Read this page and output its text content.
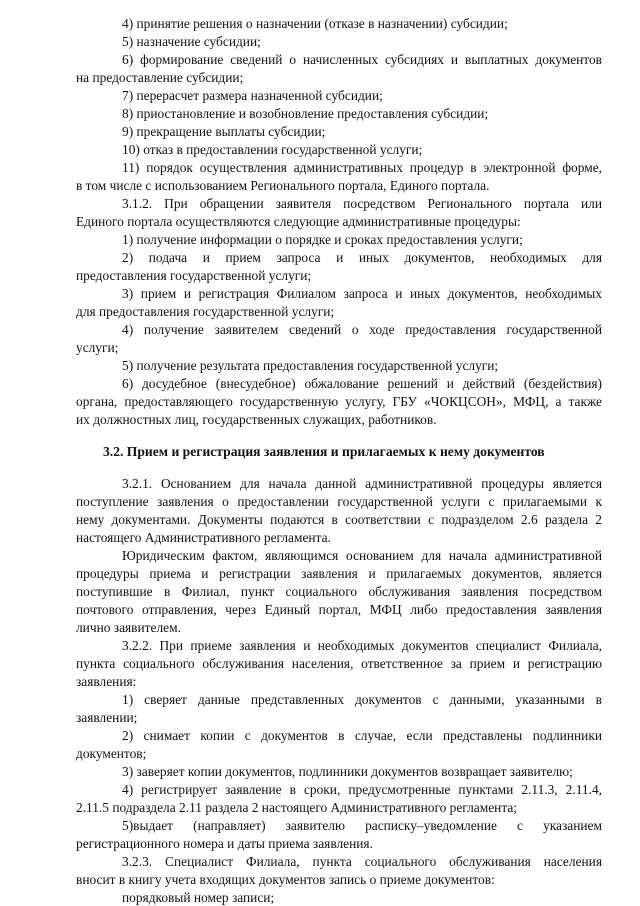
4) принятие решения о назначении (отказе в назначении) субсидии;
5) назначение субсидии;
6) формирование сведений о начисленных субсидиях и выплатных документов
на предоставление субсидии;
7) перерасчет размера назначенной субсидии;
8) приостановление и возобновление предоставления субсидии;
9) прекращение выплаты субсидии;
10) отказ в предоставлении государственной услуги;
11) порядок осуществления административных процедур в электронной форме,
в том числе с использованием Регионального портала, Единого портала.
3.1.2. При обращении заявителя посредством Регионального портала или
Единого портала осуществляются следующие административные процедуры:
1) получение информации о порядке и сроках предоставления услуги;
2) подача и прием запроса и иных документов, необходимых для
предоставления государственной услуги;
3) прием и регистрация Филиалом запроса и иных документов, необходимых
для предоставления государственной услуги;
4) получение заявителем сведений о ходе предоставления государственной
услуги;
5) получение результата предоставления государственной услуги;
6) досудебное (внесудебное) обжалование решений и действий (бездействия)
органа, предоставляющего государственную услугу, ГБУ «ЧОКЦСОН», МФЦ, а также
их должностных лиц, государственных служащих, работников.
3.2. Прием и регистрация заявления и прилагаемых к нему документов
3.2.1. Основанием для начала данной административной процедуры является
поступление заявления о предоставлении государственной услуги с прилагаемыми к
нему документами. Документы подаются в соответствии с подразделом 2.6 раздела 2
настоящего Административного регламента.
Юридическим фактом, являющимся основанием для начала административной
процедуры приема и регистрации заявления и прилагаемых документов, является
поступившие в Филиал, пункт социального обслуживания заявления посредством
почтового отправления, через Единый портал, МФЦ либо предоставления заявления
лично заявителем.
3.2.2. При приеме заявления и необходимых документов специалист Филиала,
пункта социального обслуживания населения, ответственное за прием и регистрацию
заявления:
1) сверяет данные представленных документов с данными, указанными в
заявлении;
2) снимает копии с документов в случае, если представлены подлинники
документов;
3) заверяет копии документов, подлинники документов возвращает заявителю;
4) регистрирует заявление в сроки, предусмотренные пунктами 2.11.3, 2.11.4,
2.11.5 подраздела 2.11 раздела 2 настоящего Административного регламента;
5)выдает (направляет) заявителю расписку–уведомление с указанием
регистрационного номера и даты приема заявления.
3.2.3. Специалист Филиала, пункта социального обслуживания населения
вносит в книгу учета входящих документов запись о приеме документов:
порядковый номер записи;
